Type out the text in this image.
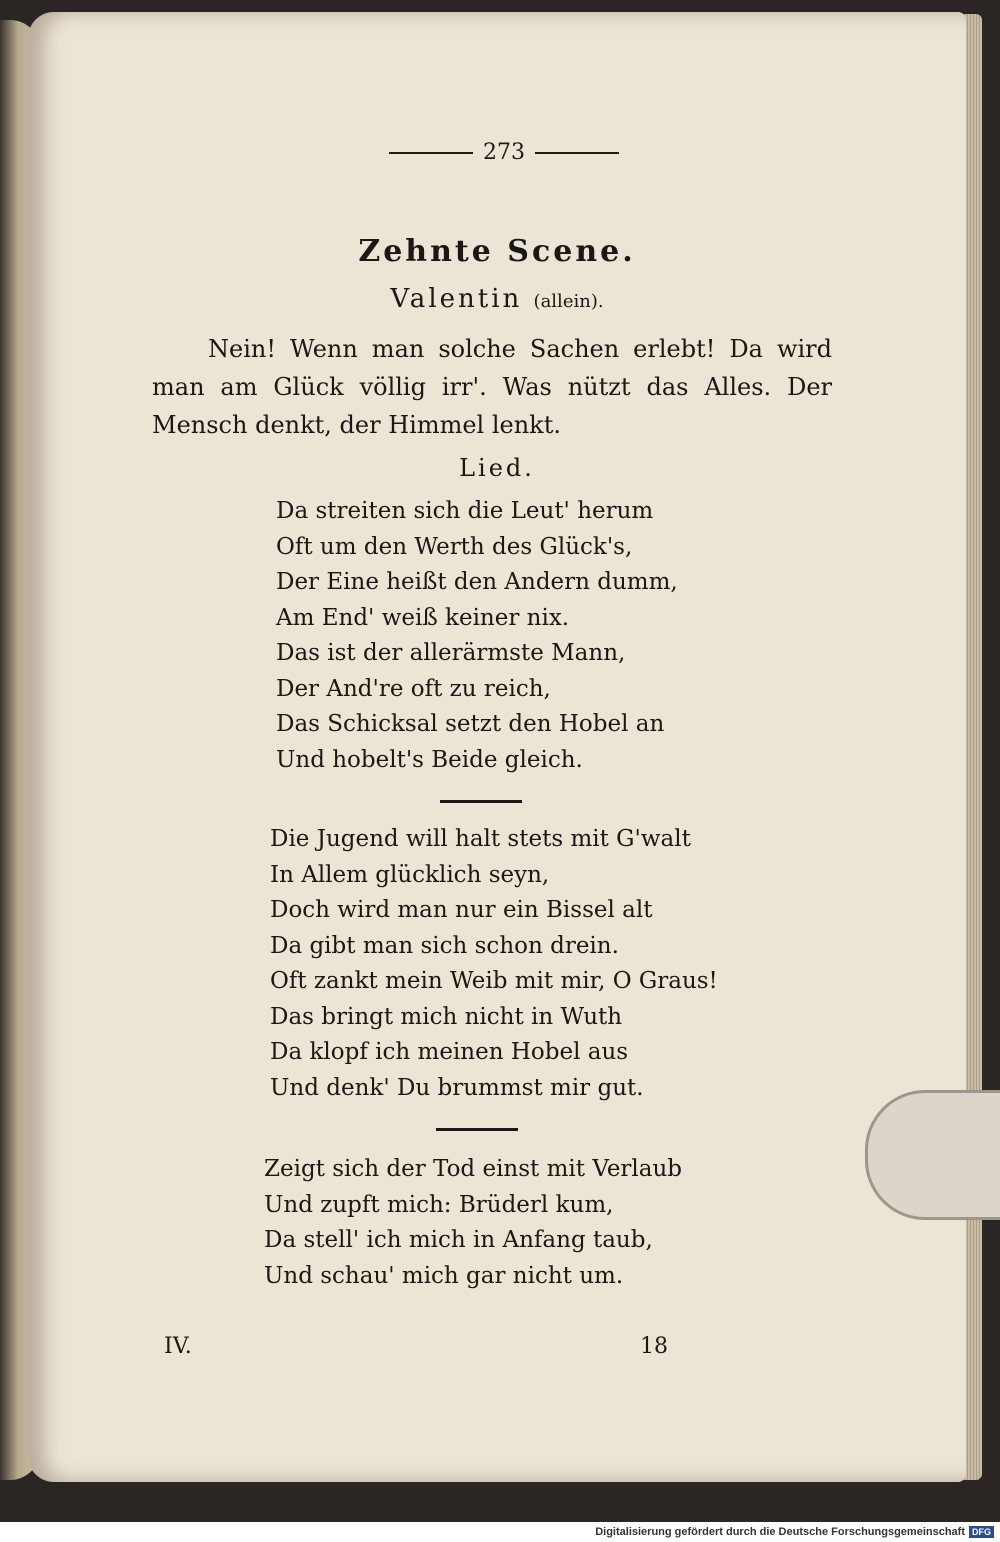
273
Zehnte Scene.
Valentin (allein).

Nein! Wenn man solche Sachen erlebt! Da wird man am Glück völlig irr'. Was nützt das Alles. Der Mensch denkt, der Himmel lenkt.

Lied.
Da streiten sich die Leut' herum
Oft um den Werth des Glück's,
Der Eine heißt den Andern dumm,
Am End' weiß keiner nix.
Das ist der allerärmste Mann,
Der And're oft zu reich,
Das Schicksal setzt den Hobel an
Und hobelt's Beide gleich.
Die Jugend will halt stets mit G'walt
In Allem glücklich seyn,
Doch wird man nur ein Bissel alt
Da gibt man sich schon drein.
Oft zankt mein Weib mit mir, O Graus!
Das bringt mich nicht in Wuth
Da klopf ich meinen Hobel aus
Und denk' Du brummst mir gut.
Zeigt sich der Tod einst mit Verlaub
Und zupft mich: Brüderl kum,
Da stell' ich mich in Anfang taub,
Und schau' mich gar nicht um.
IV.	18
Digitalisierung gefördert durch die Deutsche Forschungsgemeinschaft DFG
